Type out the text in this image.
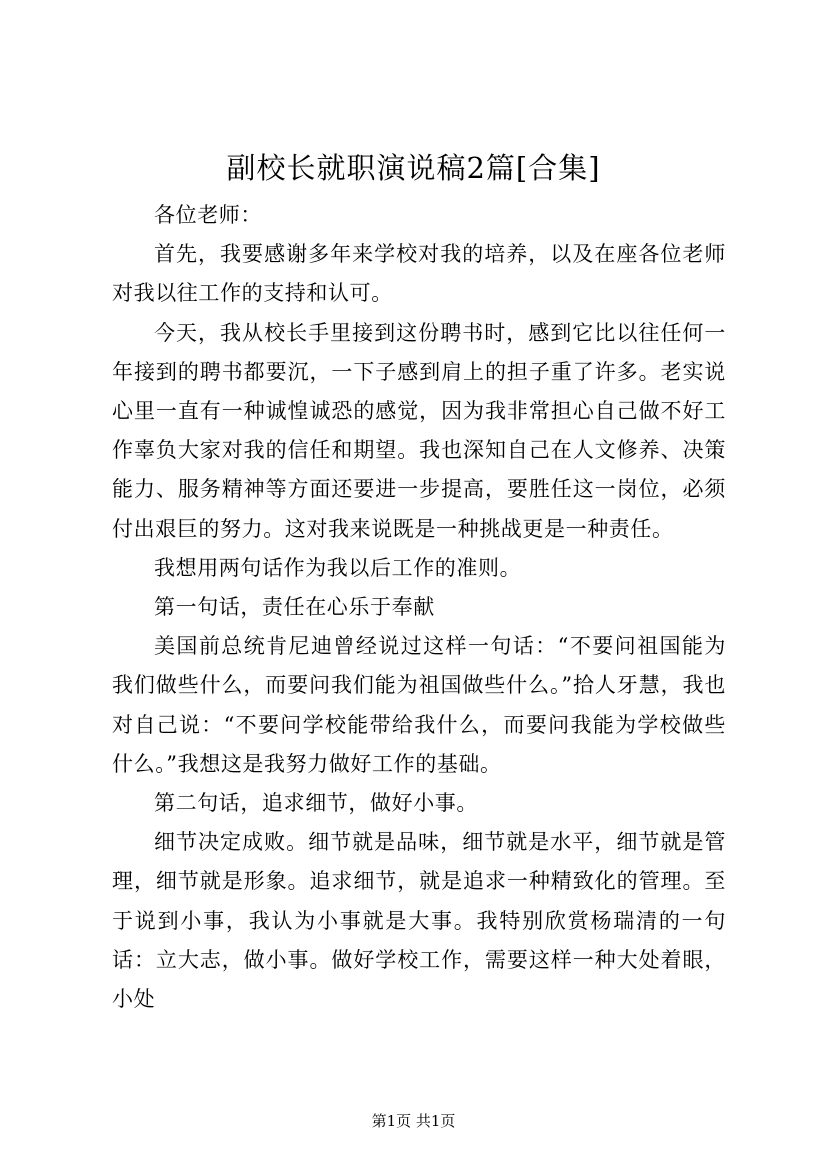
副校长就职演说稿2篇[合集]

各位老师：

首先，我要感谢多年来学校对我的培养，以及在座各位老师对我以往工作的支持和认可。

今天，我从校长手里接到这份聘书时，感到它比以往任何一年接到的聘书都要沉，一下子感到肩上的担子重了许多。老实说心里一直有一种诚惶诚恐的感觉，因为我非常担心自己做不好工作辜负大家对我的信任和期望。我也深知自己在人文修养、决策能力、服务精神等方面还要进一步提高，要胜任这一岗位，必须付出艰巨的努力。这对我来说既是一种挑战更是一种责任。

我想用两句话作为我以后工作的准则。

第一句话，责任在心乐于奉献

美国前总统肯尼迪曾经说过这样一句话：“不要问祖国能为我们做些什么，而要问我们能为祖国做些什么。”拾人牙慧，我也对自己说：“不要问学校能带给我什么，而要问我能为学校做些什么。”我想这是我努力做好工作的基础。

第二句话，追求细节，做好小事。

细节决定成败。细节就是品味，细节就是水平，细节就是管理，细节就是形象。追求细节，就是追求一种精致化的管理。至于说到小事，我认为小事就是大事。我特别欣赏杨瑞清的一句话：立大志，做小事。做好学校工作，需要这样一种大处着眼，小处

第1页 共1页
